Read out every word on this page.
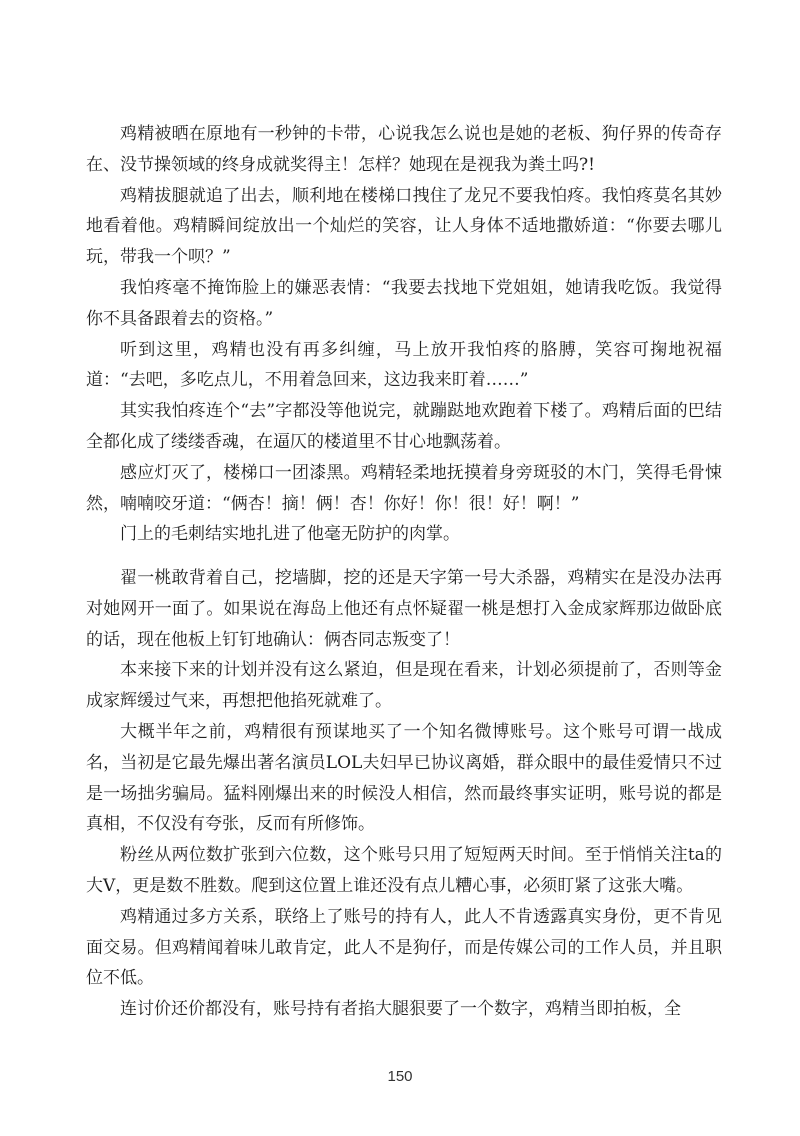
鸡精被晒在原地有一秒钟的卡带，心说我怎么说也是她的老板、狗仔界的传奇存在、没节操领域的终身成就奖得主！怎样？她现在是视我为粪土吗?!

鸡精拔腿就追了出去，顺利地在楼梯口拽住了龙兄不要我怕疼。我怕疼莫名其妙地看着他。鸡精瞬间绽放出一个灿烂的笑容，让人身体不适地撒娇道：“你要去哪儿玩，带我一个呗？”

我怕疼毫不掩饰脸上的嫌恶表情：“我要去找地下党姐姐，她请我吃饭。我觉得你不具备跟着去的资格。”

听到这里，鸡精也没有再多纠缠，马上放开我怕疼的胳膊，笑容可掬地祝福道：“去吧，多吃点儿，不用着急回来，这边我来盯着……”

其实我怕疼连个“去”字都没等他说完，就蹦跶地欢跑着下楼了。鸡精后面的巴结全都化成了缕缕香魂，在逼仄的楼道里不甘心地飘荡着。

感应灯灭了，楼梯口一团漆黑。鸡精轻柔地抚摸着身旁斑驳的木门，笑得毛骨悚然，喃喃咬牙道：“俩杏！摘！俩！杏！你好！你！很！好！啊！”

门上的毛刺结实地扎进了他毫无防护的肉掌。

翟一桃敢背着自己，挖墙脚，挖的还是天字第一号大杀器，鸡精实在是没办法再对她网开一面了。如果说在海岛上他还有点怀疑翟一桃是想打入金成家辉那边做卧底的话，现在他板上钉钉地确认：俩杏同志叛变了！

本来接下来的计划并没有这么紧迫，但是现在看来，计划必须提前了，否则等金成家辉缓过气来，再想把他掐死就难了。

大概半年之前，鸡精很有预谋地买了一个知名微博账号。这个账号可谓一战成名，当初是它最先爆出著名演员LOL夫妇早已协议离婚，群众眼中的最佳爱情只不过是一场拙劣骗局。猛料刚爆出来的时候没人相信，然而最终事实证明，账号说的都是真相，不仅没有夸张，反而有所修饰。

粉丝从两位数扩张到六位数，这个账号只用了短短两天时间。至于悄悄关注ta的大V，更是数不胜数。爬到这位置上谁还没有点儿糟心事，必须盯紧了这张大嘴。

鸡精通过多方关系，联络上了账号的持有人，此人不肯透露真实身份，更不肯见面交易。但鸡精闻着味儿敢肯定，此人不是狗仔，而是传媒公司的工作人员，并且职位不低。

连讨价还价都没有，账号持有者掐大腿狠要了一个数字，鸡精当即拍板，全

150
